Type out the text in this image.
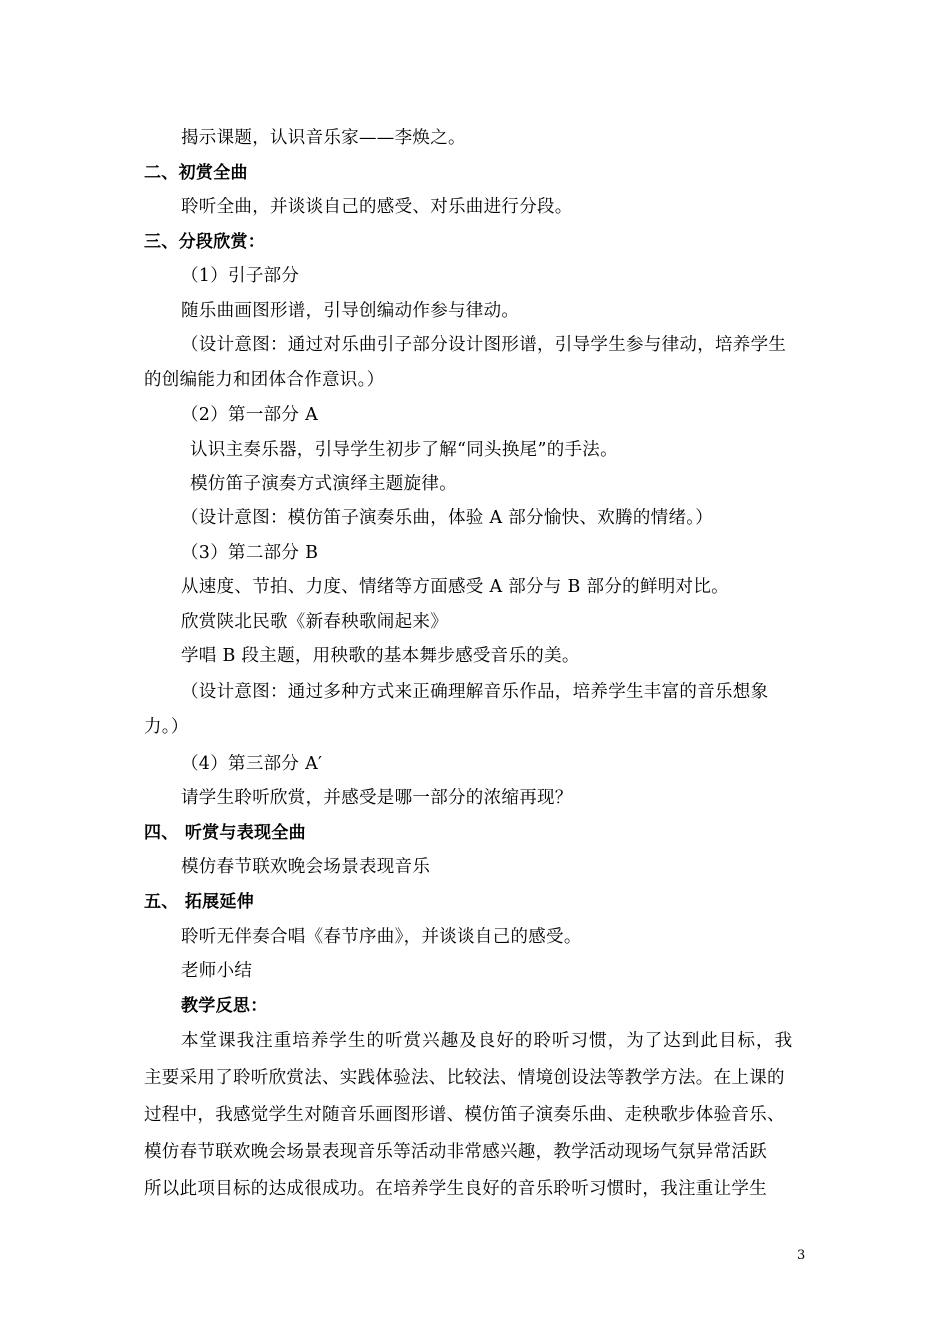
揭示课题，认识音乐家——李焕之。
二、初赏全曲
聆听全曲，并谈谈自己的感受、对乐曲进行分段。
三、分段欣赏：
（1）引子部分
随乐曲画图形谱，引导创编动作参与律动。
（设计意图：通过对乐曲引子部分设计图形谱，引导学生参与律动，培养学生
的创编能力和团体合作意识。）
（2）第一部分 A
认识主奏乐器，引导学生初步了解“同头换尾”的手法。
模仿笛子演奏方式演绎主题旋律。
（设计意图：模仿笛子演奏乐曲，体验 A 部分愉快、欢腾的情绪。）
（3）第二部分 B
从速度、节拍、力度、情绪等方面感受 A 部分与 B 部分的鲜明对比。
欣赏陕北民歌《新春秧歌闹起来》
学唱 B 段主题，用秧歌的基本舞步感受音乐的美。
（设计意图：通过多种方式来正确理解音乐作品，培养学生丰富的音乐想象
力。）
（4）第三部分 A′
请学生聆听欣赏，并感受是哪一部分的浓缩再现？
四、 听赏与表现全曲
模仿春节联欢晚会场景表现音乐
五、 拓展延伸
聆听无伴奏合唱《春节序曲》，并谈谈自己的感受。
老师小结
教学反思：
本堂课我注重培养学生的听赏兴趣及良好的聆听习惯，为了达到此目标，我
主要采用了聆听欣赏法、实践体验法、比较法、情境创设法等教学方法。在上课的
过程中，我感觉学生对随音乐画图形谱、模仿笛子演奏乐曲、走秧歌步体验音乐、
模仿春节联欢晚会场景表现音乐等活动非常感兴趣，教学活动现场气氛异常活跃
所以此项目标的达成很成功。在培养学生良好的音乐聆听习惯时，我注重让学生
3
